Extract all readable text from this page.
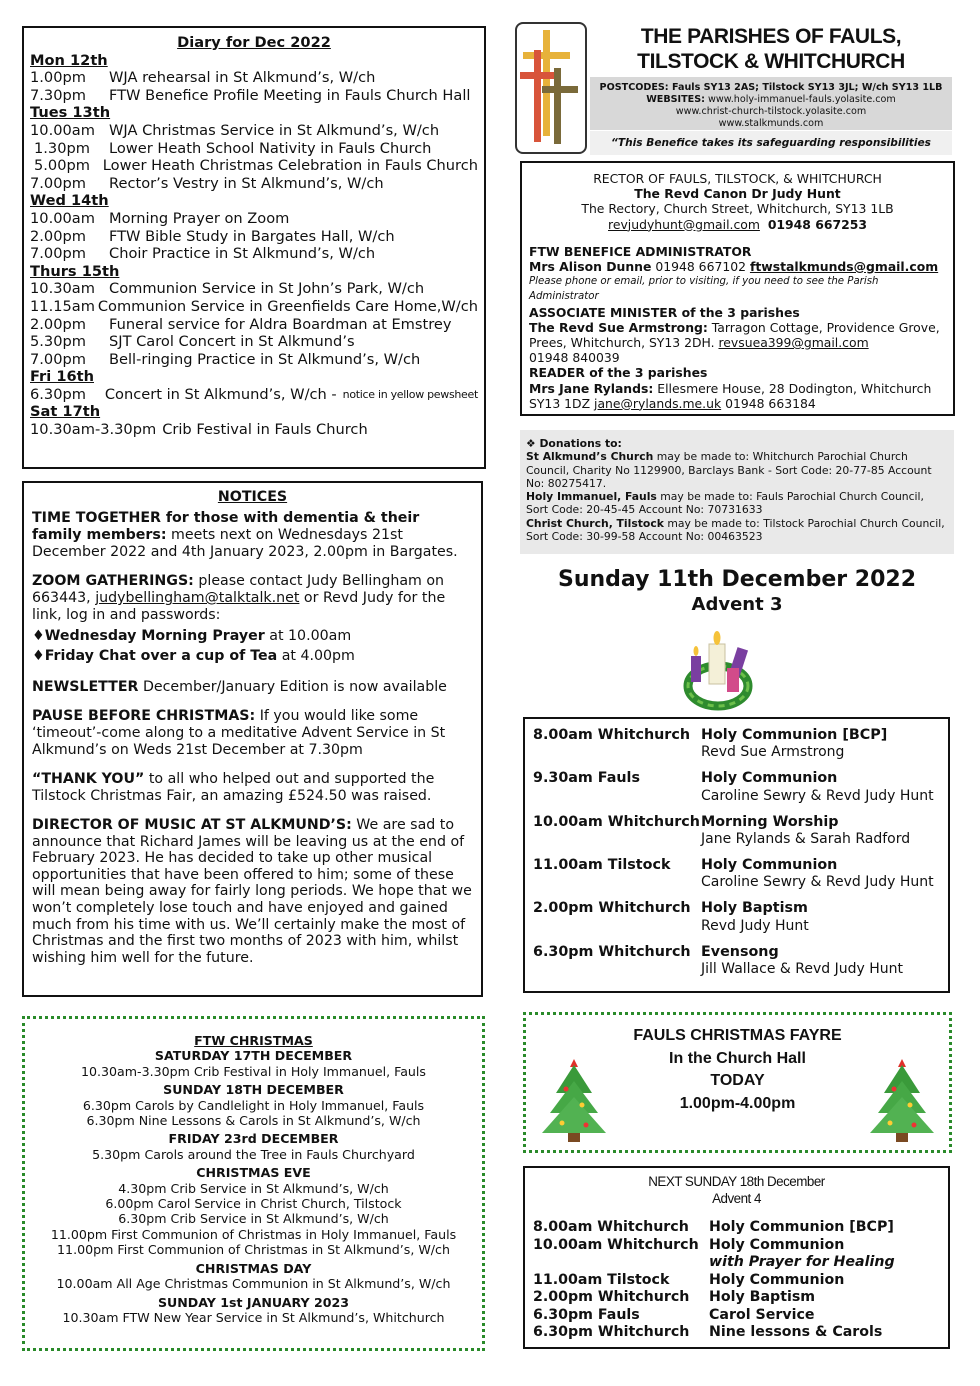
Diary for Dec 2022
Mon 12th
1.00pm	WJA rehearsal in St Alkmund’s, W/ch
7.30pm	FTW Benefice Profile Meeting in Fauls Church Hall
Tues 13th
10.00am WJA Christmas Service in St Alkmund’s, W/ch
1.30pm	Lower Heath School Nativity in Fauls Church
5.00pm Lower Heath Christmas Celebration in Fauls Church
7.00pm	Rector’s Vestry in St Alkmund’s, W/ch
Wed 14th
10.00am Morning Prayer on Zoom
2.00pm	FTW Bible Study in Bargates Hall, W/ch
7.00pm	Choir Practice in St Alkmund’s, W/ch
Thurs 15th
10.30am Communion Service in St John’s Park, W/ch
11.15am Communion Service in Greenfields Care Home,W/ch
2.00pm	Funeral service for Aldra Boardman at Emstrey
5.30pm	SJT Carol Concert in St Alkmund’s
7.00pm	Bell-ringing Practice in St Alkmund’s, W/ch
Fri 16th
6.30pm	Concert in St Alkmund’s, W/ch - notice in yellow pewsheet
Sat 17th
10.30am-3.30pm Crib Festival in Fauls Church
NOTICES

TIME TOGETHER for those with dementia & their family members: meets next on Wednesdays 21st December 2022 and 4th January 2023, 2.00pm in Bargates.

ZOOM GATHERINGS: please contact Judy Bellingham on 663443, judybellingham@talktalk.net or Revd Judy for the link, log in and passwords:

♦Wednesday Morning Prayer at 10.00am
♦Friday Chat over a cup of Tea at 4.00pm

NEWSLETTER December/January Edition is now available

PAUSE BEFORE CHRISTMAS: If you would like some ‘timeout’-come along to a meditative Advent Service in St Alkmund’s on Weds 21st December at 7.30pm

“THANK YOU” to all who helped out and supported the Tilstock Christmas Fair, an amazing £524.50 was raised.

DIRECTOR OF MUSIC AT ST ALKMUND’S: We are sad to announce that Richard James will be leaving us at the end of February 2023. He has decided to take up other musical opportunities that have been offered to him; some of these will mean being away for fairly long periods. We hope that we won’t completely lose touch and have enjoyed and gained much from his time with us. We’ll certainly make the most of Christmas and the first two months of 2023 with him, whilst wishing him well for the future.

FTW CHRISTMAS
SATURDAY 17TH DECEMBER
10.30am-3.30pm Crib Festival in Holy Immanuel, Fauls
SUNDAY 18TH DECEMBER
6.30pm Carols by Candlelight in Holy Immanuel, Fauls
6.30pm Nine Lessons & Carols in St Alkmund’s, W/ch
FRIDAY 23rd DECEMBER
5.30pm Carols around the Tree in Fauls Churchyard
CHRISTMAS EVE
4.30pm Crib Service in St Alkmund’s, W/ch
6.00pm Carol Service in Christ Church, Tilstock
6.30pm Crib Service in St Alkmund’s, W/ch
11.00pm First Communion of Christmas in Holy Immanuel, Fauls
11.00pm First Communion of Christmas in St Alkmund’s, W/ch
CHRISTMAS DAY
10.00am All Age Christmas Communion in St Alkmund’s, W/ch
SUNDAY 1st JANUARY 2023
10.30am FTW New Year Service in St Alkmund’s, Whitchurch
THE PARISHES OF FAULS,
TILSTOCK & WHITCHURCH
POSTCODES: Fauls SY13 2AS; Tilstock SY13 3JL; W/ch SY13 1LB
WEBSITES: www.holy-immanuel-fauls.yolasite.com
www.christ-church-tilstock.yolasite.com
www.stalkmunds.com
“This Benefice takes its safeguarding responsibilities
RECTOR OF FAULS, TILSTOCK, & WHITCHURCH
The Revd Canon Dr Judy Hunt
The Rectory, Church Street, Whitchurch, SY13 1LB
revjudyhunt@gmail.com 01948 667253
FTW BENEFICE ADMINISTRATOR
Mrs Alison Dunne 01948 667102 ftwstalkmunds@gmail.com
Please phone or email, prior to visiting, if you need to see the Parish Administrator
ASSOCIATE MINISTER of the 3 parishes
The Revd Sue Armstrong: Tarragon Cottage, Providence Grove, Prees, Whitchurch, SY13 2DH. revsuea399@gmail.com
01948 840039
READER of the 3 parishes
Mrs Jane Rylands: Ellesmere House, 28 Dodington, Whitchurch SY13 1DZ jane@rylands.me.uk 01948 663184
❖ Donations to:
St Alkmund’s Church may be made to: Whitchurch Parochial Church Council, Charity No 1129900, Barclays Bank - Sort Code: 20-77-85 Account No: 80275417.
Holy Immanuel, Fauls may be made to: Fauls Parochial Church Council, Sort Code: 20-45-45 Account No: 70731633
Christ Church, Tilstock may be made to: Tilstock Parochial Church Council, Sort Code: 30-99-58 Account No: 00463523
Sunday 11th December 2022
Advent 3
8.00am Whitchurch Holy Communion [BCP]
Revd Sue Armstrong
9.30am Fauls	Holy Communion
Caroline Sewry & Revd Judy Hunt
10.00am Whitchurch Morning Worship
Jane Rylands & Sarah Radford
11.00am Tilstock	Holy Communion
Caroline Sewry & Revd Judy Hunt
2.00pm Whitchurch Holy Baptism
Revd Judy Hunt
6.30pm Whitchurch Evensong
Jill Wallace & Revd Judy Hunt
FAULS CHRISTMAS FAYRE
In the Church Hall
TODAY
1.00pm-4.00pm
NEXT SUNDAY 18th December
Advent 4
8.00am Whitchurch	Holy Communion [BCP]
10.00am Whitchurch Holy Communion
with Prayer for Healing
11.00am Tilstock	Holy Communion
2.00pm Whitchurch	Holy Baptism
6.30pm Fauls	Carol Service
6.30pm Whitchurch	Nine lessons & Carols
